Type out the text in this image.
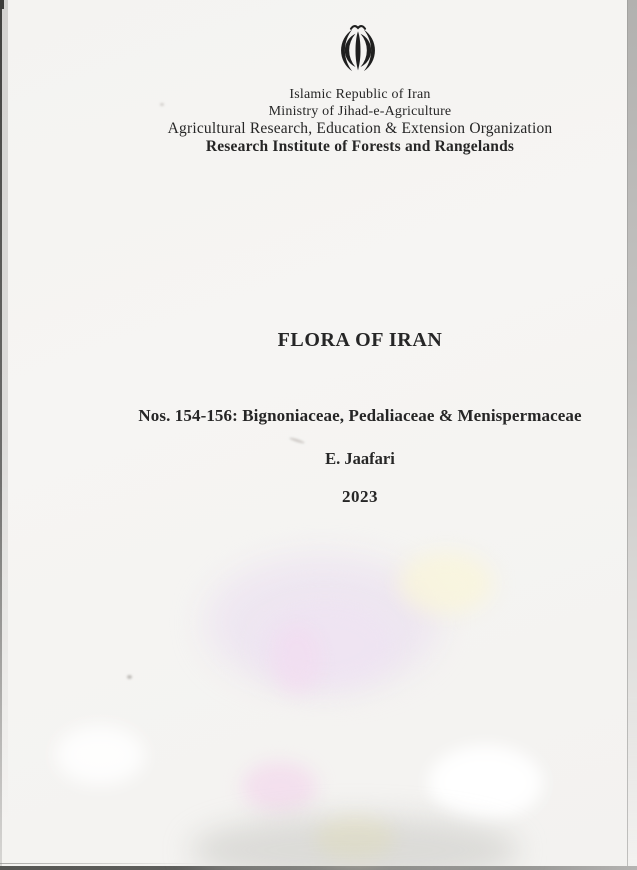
Islamic Republic of Iran
Ministry of Jihad-e-Agriculture
Agricultural Research, Education & Extension Organization
Research Institute of Forests and Rangelands
FLORA OF IRAN
Nos. 154-156: Bignoniaceae, Pedaliaceae & Menispermaceae
E. Jaafari
2023
